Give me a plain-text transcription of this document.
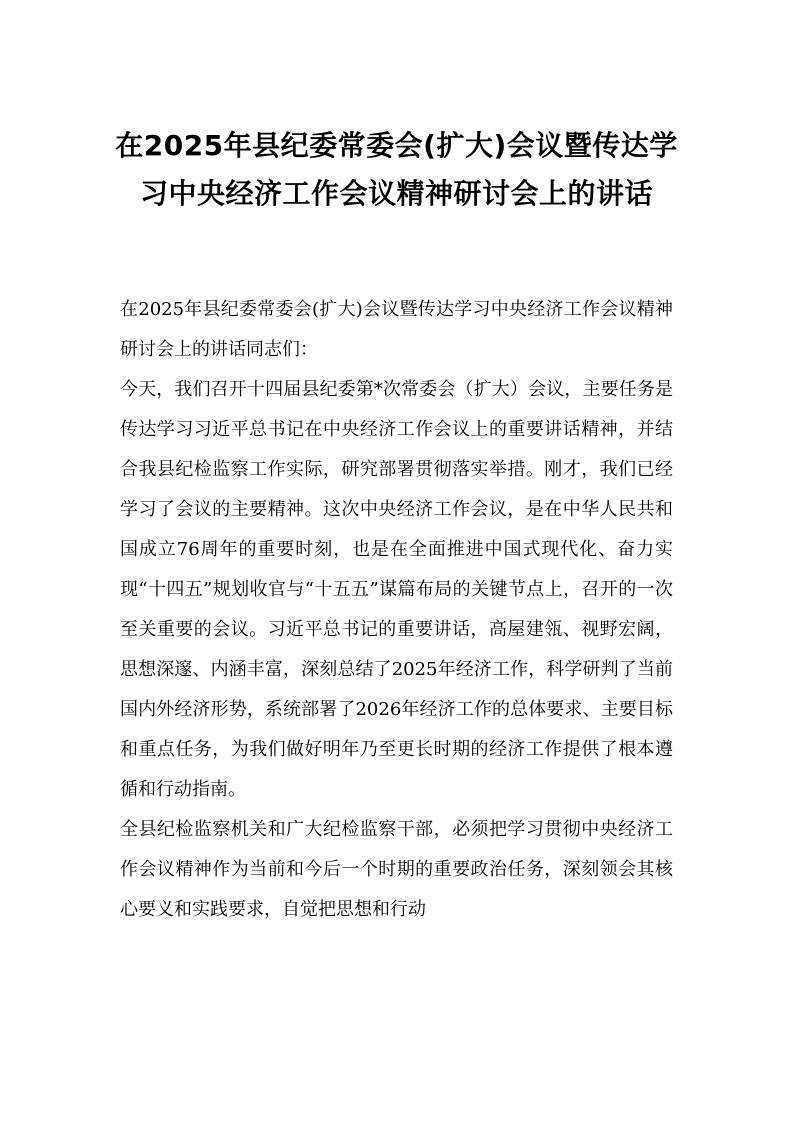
在2025年县纪委常委会(扩大)会议暨传达学习中央经济工作会议精神研讨会上的讲话

在2025年县纪委常委会(扩大)会议暨传达学习中央经济工作会议精神研讨会上的讲话同志们：

今天，我们召开十四届县纪委第*次常委会（扩大）会议，主要任务是传达学习习近平总书记在中央经济工作会议上的重要讲话精神，并结合我县纪检监察工作实际，研究部署贯彻落实举措。刚才，我们已经学习了会议的主要精神。这次中央经济工作会议，是在中华人民共和国成立76周年的重要时刻，也是在全面推进中国式现代化、奋力实现“十四五”规划收官与“十五五”谋篇布局的关键节点上，召开的一次至关重要的会议。习近平总书记的重要讲话，高屋建瓴、视野宏阔，思想深邃、内涵丰富，深刻总结了2025年经济工作，科学研判了当前国内外经济形势，系统部署了2026年经济工作的总体要求、主要目标和重点任务，为我们做好明年乃至更长时期的经济工作提供了根本遵循和行动指南。

全县纪检监察机关和广大纪检监察干部，必须把学习贯彻中央经济工作会议精神作为当前和今后一个时期的重要政治任务，深刻领会其核心要义和实践要求，自觉把思想和行动
